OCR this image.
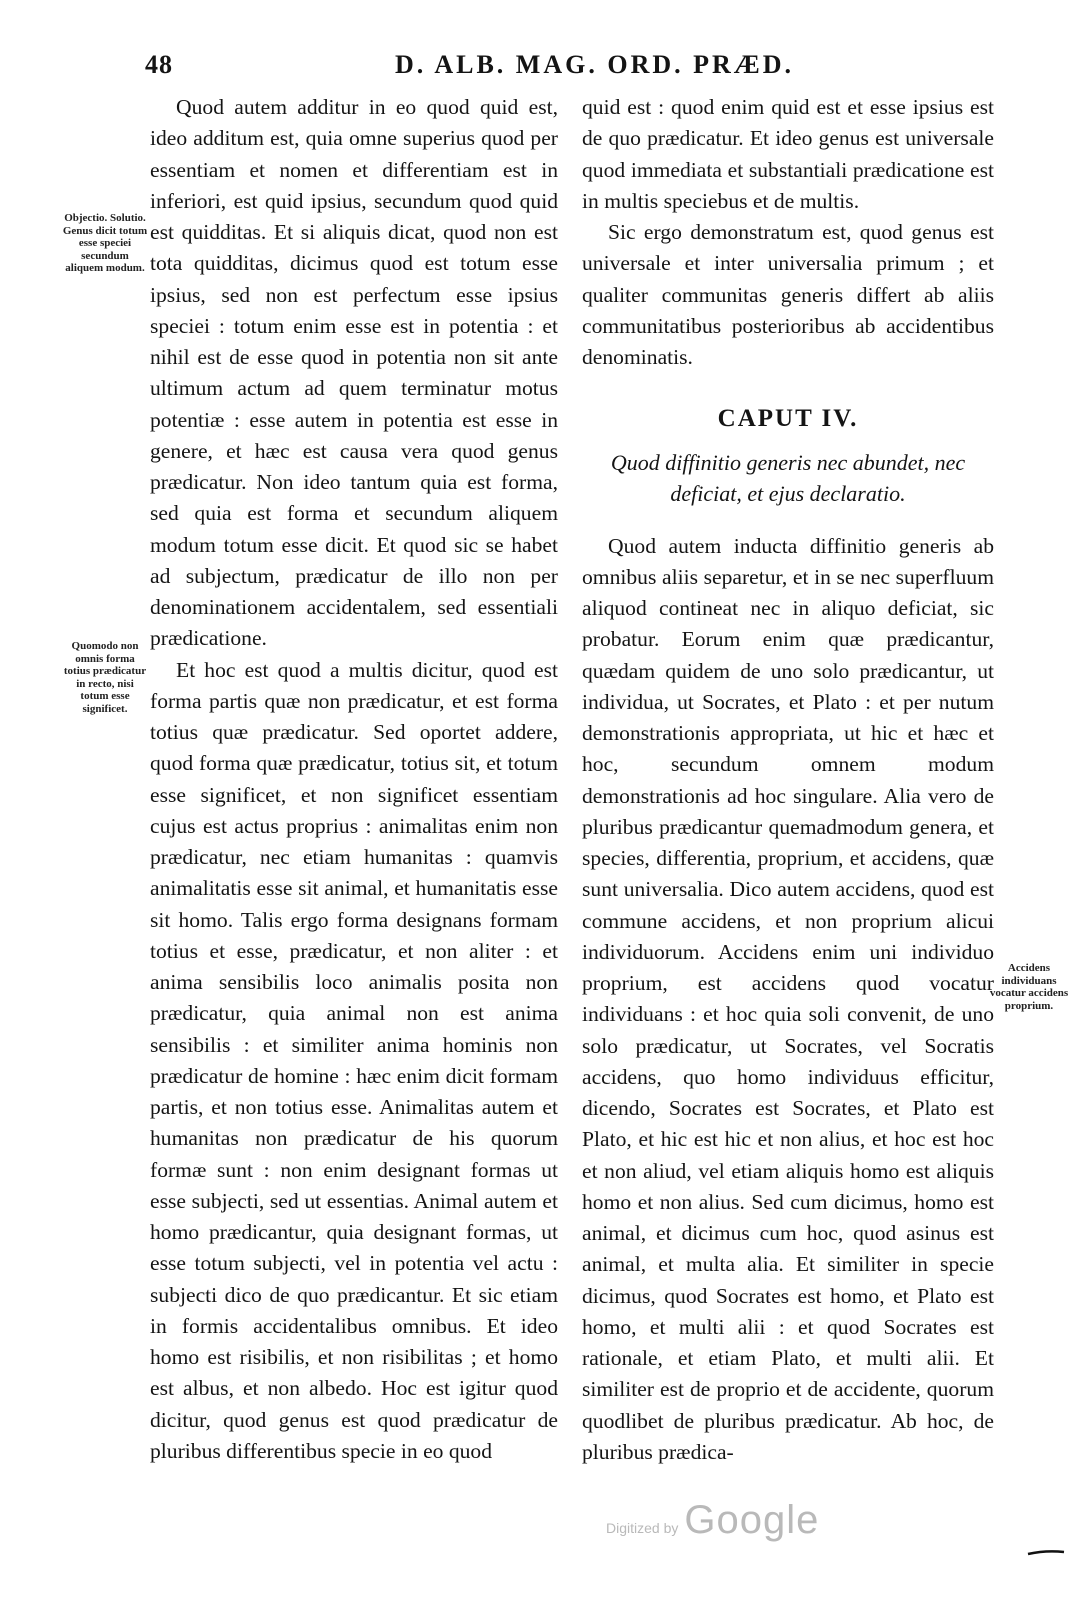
48	D. ALB. MAG. ORD. PRÆD.
Objectio. Solutio. Genus dicit totum esse speciei secundum aliquem modum.
Quomodo non omnis forma totius prædicatur in recto, nisi totum esse significet.
Accidens individuans vocatur accidens proprium.

Quod autem additur in eo quod quid est, ideo additum est, quia omne superius quod per essentiam et nomen et differentiam est in inferiori, est quid ipsius, secundum quod quid est quidditas. Et si aliquis dicat, quod non est tota quidditas, dicimus quod est totum esse ipsius, sed non est perfectum esse ipsius speciei : totum enim esse est in potentia : et nihil est de esse quod in potentia non sit ante ultimum actum ad quem terminatur motus potentiæ : esse autem in potentia est esse in genere, et hæc est causa vera quod genus prædicatur. Non ideo tantum quia est forma, sed quia est forma et secundum aliquem modum totum esse dicit. Et quod sic se habet ad subjectum, prædicatur de illo non per denominationem accidentalem, sed essentiali prædicatione.

Et hoc est quod a multis dicitur, quod est forma partis quæ non prædicatur, et est forma totius quæ prædicatur. Sed oportet addere, quod forma quæ prædicatur, totius sit, et totum esse significet, et non significet essentiam cujus est actus proprius : animalitas enim non prædicatur, nec etiam humanitas : quamvis animalitatis esse sit animal, et humanitatis esse sit homo. Talis ergo forma designans formam totius et esse, prædicatur, et non aliter : et anima sensibilis loco animalis posita non prædicatur, quia animal non est anima sensibilis : et similiter anima hominis non prædicatur de homine : hæc enim dicit formam partis, et non totius esse. Animalitas autem et humanitas non prædicatur de his quorum formæ sunt : non enim designant formas ut esse subjecti, sed ut essentias. Animal autem et homo prædicantur, quia designant formas, ut esse totum subjecti, vel in potentia vel actu : subjecti dico de quo prædicantur. Et sic etiam in formis accidentalibus omnibus. Et ideo homo est risibilis, et non risibilitas ; et homo est albus, et non albedo. Hoc est igitur quod dicitur, quod genus est quod prædicatur de pluribus differentibus specie in eo quod

quid est : quod enim quid est et esse ipsius est de quo prædicatur. Et ideo genus est universale quod immediata et substantiali prædicatione est in multis speciebus et de multis.

Sic ergo demonstratum est, quod genus est universale et inter universalia primum ; et qualiter communitas generis differt ab aliis communitatibus posterioribus ab accidentibus denominatis.

CAPUT IV.
Quod diffinitio generis nec abundet, nec deficiat, et ejus declaratio.

Quod autem inducta diffinitio generis ab omnibus aliis separetur, et in se nec superfluum aliquod contineat nec in aliquo deficiat, sic probatur. Eorum enim quæ prædicantur, quædam quidem de uno solo prædicantur, ut individua, ut Socrates, et Plato : et per nutum demonstrationis appropriata, ut hic et hæc et hoc, secundum omnem modum demonstrationis ad hoc singulare. Alia vero de pluribus prædicantur quemadmodum genera, et species, differentia, proprium, et accidens, quæ sunt universalia. Dico autem accidens, quod est commune accidens, et non proprium alicui individuorum. Accidens enim uni individuo proprium, est accidens quod vocatur individuans : et hoc quia soli convenit, de uno solo prædicatur, ut Socrates, vel Socratis accidens, quo homo individuus efficitur, dicendo, Socrates est Socrates, et Plato est Plato, et hic est hic et non alius, et hoc est hoc et non aliud, vel etiam aliquis homo est aliquis homo et non alius. Sed cum dicimus, homo est animal, et dicimus cum hoc, quod asinus est animal, et multa alia. Et similiter in specie dicimus, quod Socrates est homo, et Plato est homo, et multi alii : et quod Socrates est rationale, et etiam Plato, et multi alii. Et similiter est de proprio et de accidente, quorum quodlibet de pluribus prædicatur. Ab hoc, de pluribus prædica-

Digitized by Google
